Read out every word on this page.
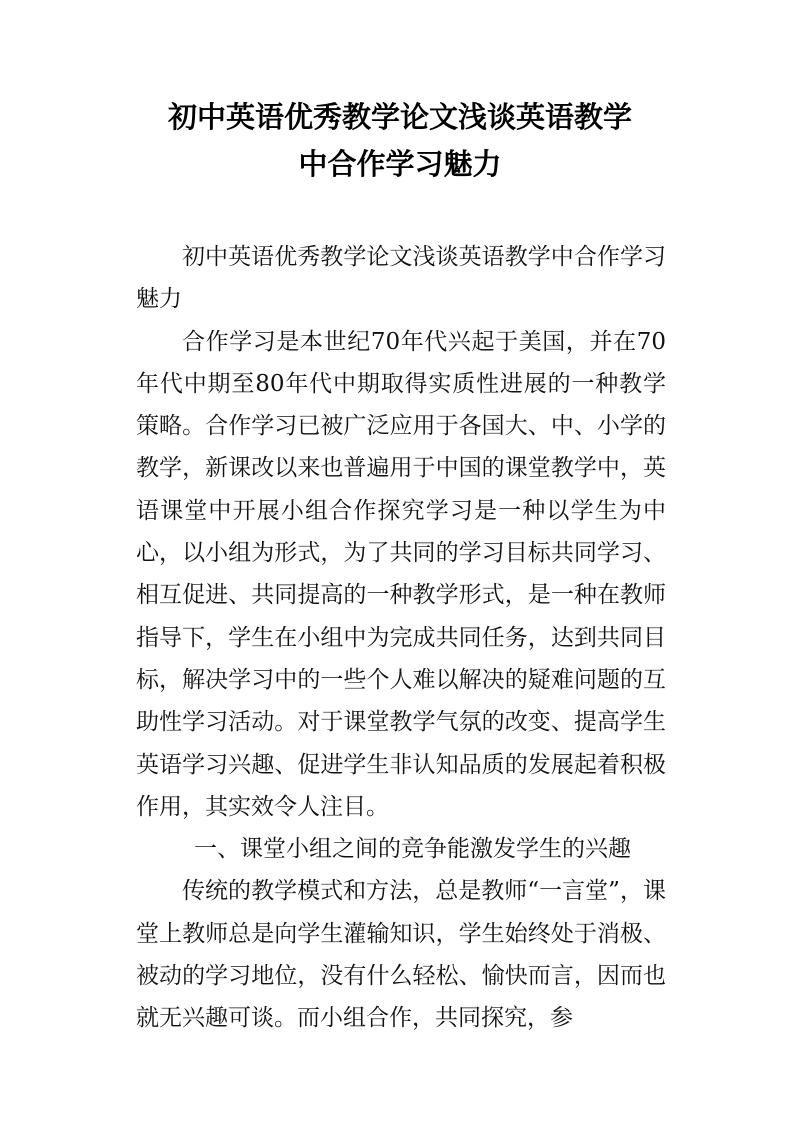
初中英语优秀教学论文浅谈英语教学
中合作学习魅力

初中英语优秀教学论文浅谈英语教学中合作学习魅力

合作学习是本世纪70年代兴起于美国，并在70年代中期至80年代中期取得实质性进展的一种教学策略。合作学习已被广泛应用于各国大、中、小学的教学，新课改以来也普遍用于中国的课堂教学中，英语课堂中开展小组合作探究学习是一种以学生为中心，以小组为形式，为了共同的学习目标共同学习、相互促进、共同提高的一种教学形式，是一种在教师指导下，学生在小组中为完成共同任务，达到共同目标，解决学习中的一些个人难以解决的疑难问题的互助性学习活动。对于课堂教学气氛的改变、提高学生英语学习兴趣、促进学生非认知品质的发展起着积极作用，其实效令人注目。

一、课堂小组之间的竞争能激发学生的兴趣

传统的教学模式和方法，总是教师“一言堂”，课堂上教师总是向学生灌输知识，学生始终处于消极、被动的学习地位，没有什么轻松、愉快而言，因而也就无兴趣可谈。而小组合作，共同探究，参
